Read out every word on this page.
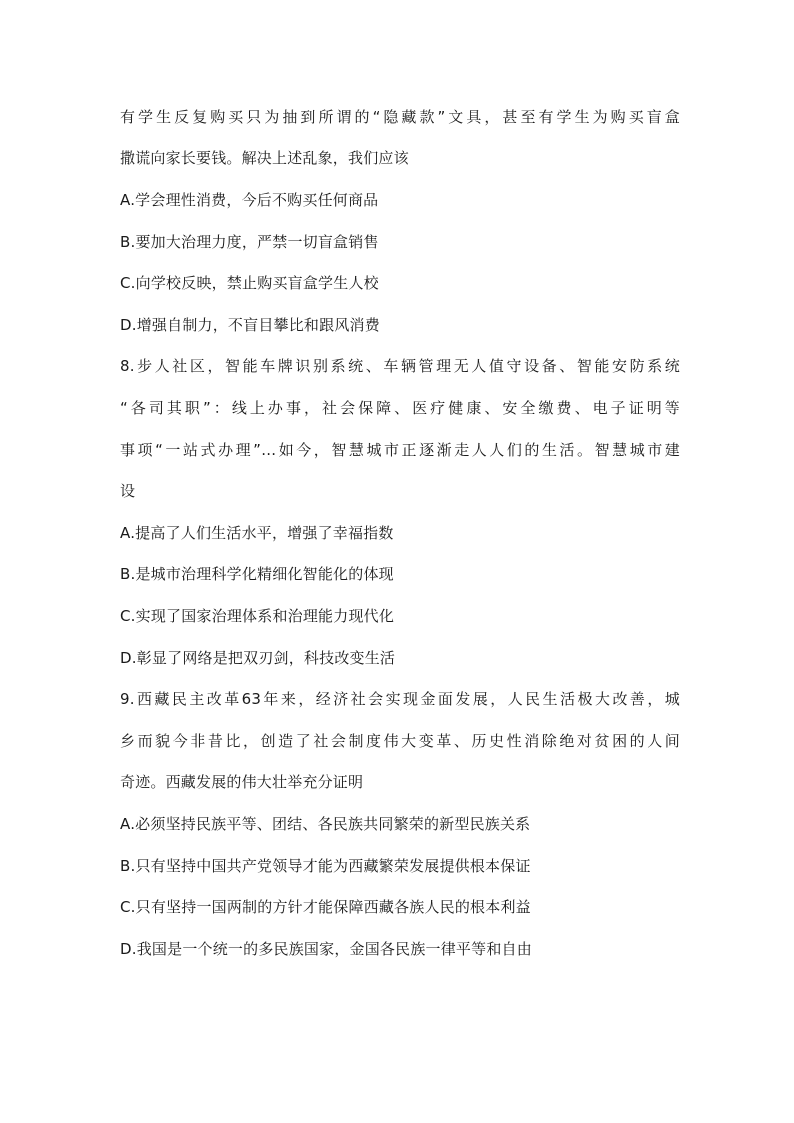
有学生反复购买只为抽到所谓的“隐藏款”文具，甚至有学生为购买盲盒
撒谎向家长要钱。解决上述乱象，我们应该
A.学会理性消费，今后不购买任何商品
B.要加大治理力度，严禁一切盲盒销售
C.向学校反映，禁止购买盲盒学生人校
D.增强自制力，不盲目攀比和跟风消费
8.步人社区，智能车牌识别系统、车辆管理无人值守设备、智能安防系统
“各司其职”：线上办事，社会保障、医疗健康、安全缴费、电子证明等
事项“一站式办理”…如今，智慧城市正逐渐走人人们的生活。智慧城市建
设
A.提高了人们生活水平，增强了幸福指数
B.是城市治理科学化精细化智能化的体现
C.实现了国家治理体系和治理能力现代化
D.彰显了网络是把双刃剑，科技改变生活
9.西藏民主改革63年来，经济社会实现金面发展，人民生活极大改善，城
乡而貌今非昔比，创造了社会制度伟大变革、历史性消除绝对贫困的人间
奇迹。西藏发展的伟大壮举充分证明
A.必须坚持民族平等、团结、各民族共同繁荣的新型民族关系
B.只有坚持中国共产党领导才能为西藏繁荣发展提供根本保证
C.只有坚持一国两制的方针才能保障西藏各族人民的根本利益
D.我国是一个统一的多民族国家，金国各民族一律平等和自由
